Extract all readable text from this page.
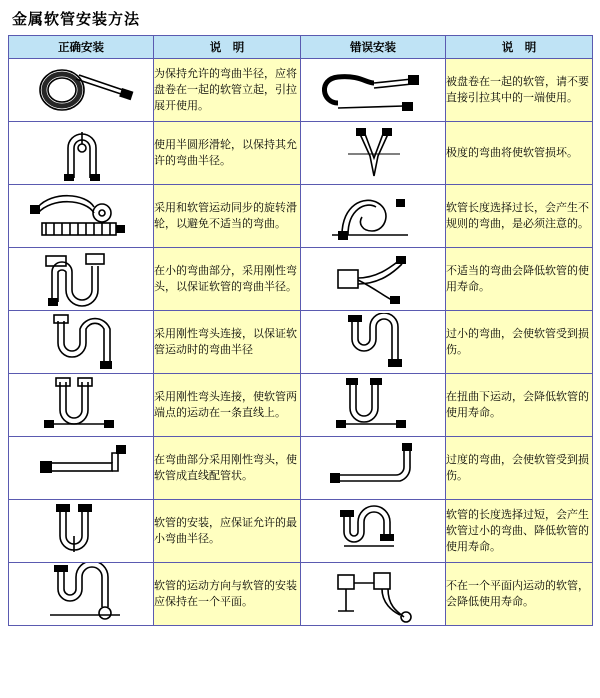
金属软管安装方法
正确安装	说　明	错误安装	说　明

	为保持允许的弯曲半径，应将盘卷在一起的软管立起，引拉展开使用。		被盘卷在一起的软管，请不要直接引拉其中的一端使用。

	使用半圆形滑轮，以保持其允许的弯曲半径。		极度的弯曲将使软管损坏。

	采用和软管运动同步的旋转滑轮，以避免不适当的弯曲。		软管长度选择过长，会产生不规则的弯曲，是必须注意的。

	在小的弯曲部分，采用刚性弯头，以保证软管的弯曲半径。		不适当的弯曲会降低软管的使用寿命。

	采用刚性弯头连接，以保证软管运动时的弯曲半径		过小的弯曲，会使软管受到损伤。

	采用刚性弯头连接，使软管两端点的运动在一条直线上。		在扭曲下运动，会降低软管的使用寿命。

	在弯曲部分采用刚性弯头，使软管成直线配管状。		过度的弯曲，会使软管受到损伤。

	软管的安装，应保证允许的最小弯曲半径。		软管的长度选择过短，会产生软管过小的弯曲、降低软管的使用寿命。

	软管的运动方向与软管的安装应保持在一个平面。		不在一个平面内运动的软管，会降低使用寿命。
